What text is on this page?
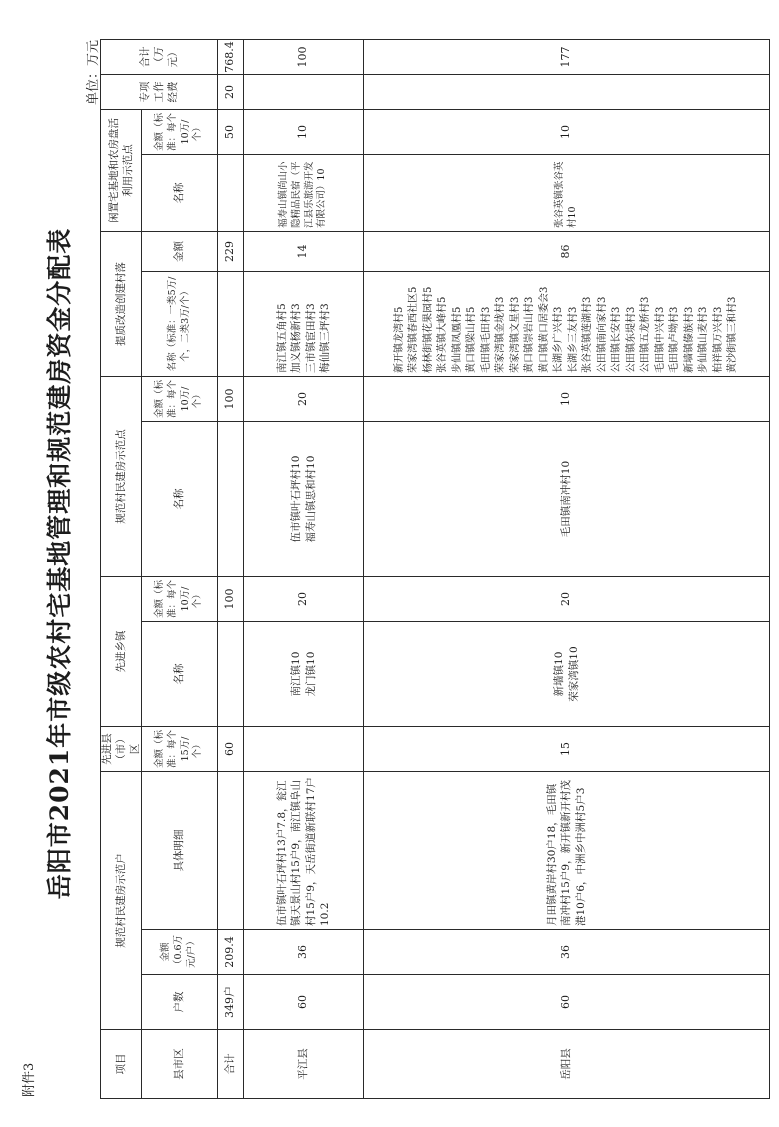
附件3
岳阳市2021年市级农村宅基地管理和规范建房资金分配表
单位：万元
项目
规范村民建房示范户
先进县（市）区
先进乡镇
规范村民建房示范点
提质改造创建村落
闲置宅基地和农房盘活利用示范点
专项工作经费
合计（万元）
县市区
户数
金额（0.6万元/户）
具体明细
金额（标准：每个15万/个）
名称
金额（标准：每个10万/个）
名称
金额（标准：每个10万/个）
名称（标准：一类5万/个，二类3万/个）
金额
名称
金额（标准：每个10万/个）
合计
349户
209.4
60
100
100
229
50
20
768.4
平江县
60
36
伍市镇叶石坪村13户7.8，瓮江镇天景山村15户9，南江镇阜山村15户9，天岳街道新联村17户10.2
南江镇10
龙门镇10
20
伍市镇叶石坪村10
福寿山镇思和村10
20
南江镇五角村5
加义镇杨新村3
三市镇宦田村3
梅仙镇三坪村3
14
福寿山镇尚山小隐精品民宿（平江县乐旅游开发有限公司）10
10
100
岳阳县
60
36
月田镇黄岸村30户18，毛田镇南冲村15户9，新开镇新开村茂港10户6，中洲乡中洲村5户3
15
新墙镇10
荣家湾镇10
20
毛田镇南冲村10
10
新开镇龙湾村5
荣家湾镇春西社区5
杨林街镇花果园村5
张谷英镇大峰村5
步仙镇凤凰村5
黄口镇梁山村5
毛田镇毛田村3
荣家湾镇金垅村3
荣家湾镇文星村3
黄口镇崇岩山村3
黄口镇黄口居委会3
长湖乡广兴村3
长湖乡三友村3
张谷英镇莲湖村3
公田镇南向家村3
公田镇长安村3
公田镇东堤村3
公田镇五龙桥村3
毛田镇中兴村3
毛田镇卢坳村3
新墙镇傣族村3
步仙镇山麦村3
柏祥镇万兴村3
黄沙街镇三和村3
86
张谷英镇张谷英村10
10
177
